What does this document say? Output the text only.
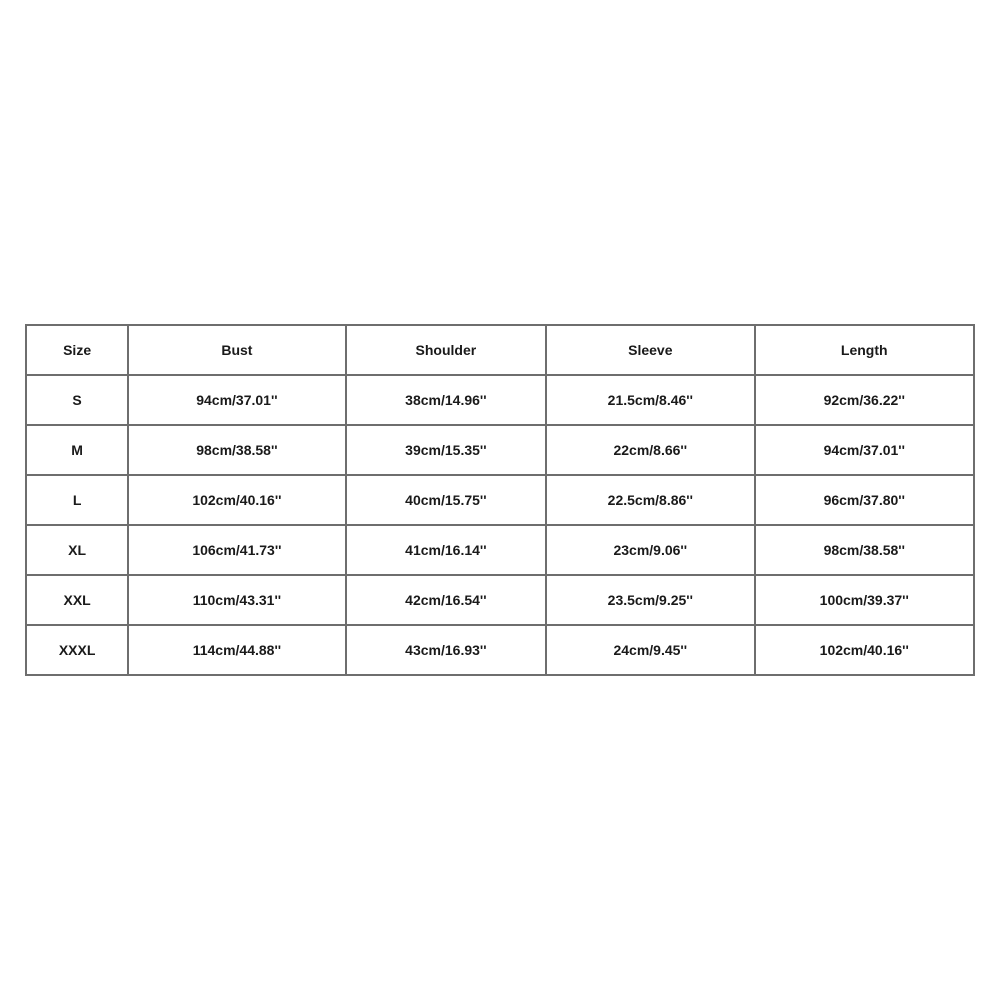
Size	Bust	Shoulder	Sleeve	Length
S	94cm/37.01''	38cm/14.96''	21.5cm/8.46''	92cm/36.22''
M	98cm/38.58''	39cm/15.35''	22cm/8.66''	94cm/37.01''
L	102cm/40.16''	40cm/15.75''	22.5cm/8.86''	96cm/37.80''
XL	106cm/41.73''	41cm/16.14''	23cm/9.06''	98cm/38.58''
XXL	110cm/43.31''	42cm/16.54''	23.5cm/9.25''	100cm/39.37''
XXXL	114cm/44.88''	43cm/16.93''	24cm/9.45''	102cm/40.16''
